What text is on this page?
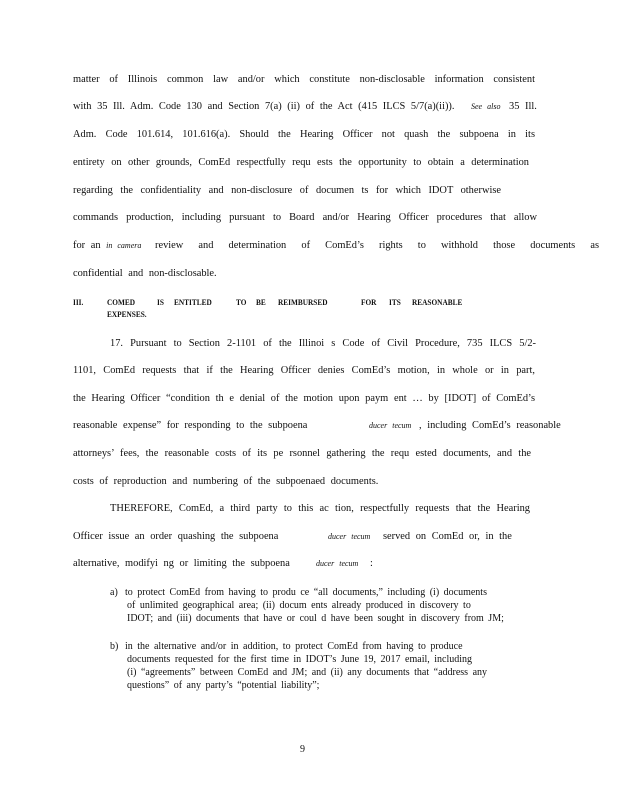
matter of Illinois common law and/or which constitute non-disclosable information consistent
with 35 Ill. Adm. Code 130 and Section 7(a) (ii) of the Act (415 ILCS 5/7(a)(ii)). See also 35 Ill.
Adm. Code 101.614, 101.616(a). Should the Hearing Officer not quash the subpoena in its
entirety on other grounds, ComEd respectfully requ ests the opportunity to obtain a determination
regarding the confidentiality and non-disclosure of documen ts for which IDOT otherwise
commands production, including pursuant to Board and/or Hearing Officer procedures that allow
for an in camera review and determination of ComEd’s rights to withhold those documents as
confidential and non-disclosable.
III.	COMED	IS ENTITLED	TO BE REIMBURSED	FOR ITS REASONABLE
EXPENSES.
17. Pursuant to Section 2-1101 of the Illinoi s Code of Civil Procedure, 735 ILCS 5/2-
1101, ComEd requests that if the Hearing Officer denies ComEd’s motion, in whole or in part,
the Hearing Officer “condition th e denial of the motion upon paym ent … by [IDOT] of ComEd’s
reasonable expense” for responding to the subpoena	ducer tecum , including ComEd’s reasonable
attorneys’ fees, the reasonable costs of its pe rsonnel gathering the requ ested documents, and the
costs of reproduction and numbering of the subpoenaed documents.
THEREFORE, ComEd, a third party to this ac tion, respectfully requests that the Hearing
Officer issue an order quashing the subpoena	ducer tecum served on ComEd or, in the
alternative, modifyi ng or limiting the subpoena	ducer tecum :
a) to protect ComEd from having to produ ce “all documents,” including (i) documents
of unlimited geographical area; (ii) docum ents already produced in discovery to
IDOT; and (iii) documents that have or coul d have been sought in discovery from JM;
b) in the alternative and/or in addition, to protect ComEd from having to produce
documents requested for the first time in IDOT’s June 19, 2017 email, including
(i) “agreements” between ComEd and JM; and (ii) any documents that “address any
questions” of any party’s “potential liability”;
9
